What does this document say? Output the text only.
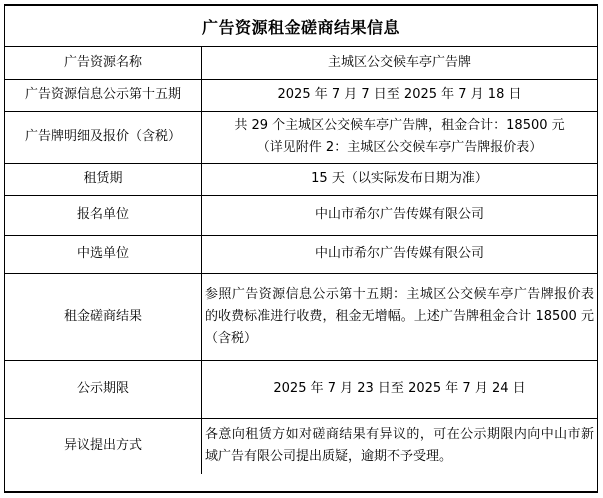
广告资源租金磋商结果信息
广告资源名称	主城区公交候车亭广告牌
广告资源信息公示第十五期	2025 年 7 月 7 日至 2025 年 7 月 18 日
广告牌明细及报价（含税）	共 29 个主城区公交候车亭广告牌，租金合计：18500 元
（详见附件 2：主城区公交候车亭广告牌报价表）

租赁期	15 天（以实际发布日期为准）
报名单位	中山市希尔广告传媒有限公司
中选单位	中山市希尔广告传媒有限公司
租金磋商结果	参照广告资源信息公示第十五期：主城区公交候车亭广告牌报价表的收费标准进行收费，租金无增幅。上述广告牌租金合计 18500 元（含税）
公示期限	2025 年 7 月 23 日至 2025 年 7 月 24 日
异议提出方式	各意向租赁方如对磋商结果有异议的，可在公示期限内向中山市新域广告有限公司提出质疑，逾期不予受理。
